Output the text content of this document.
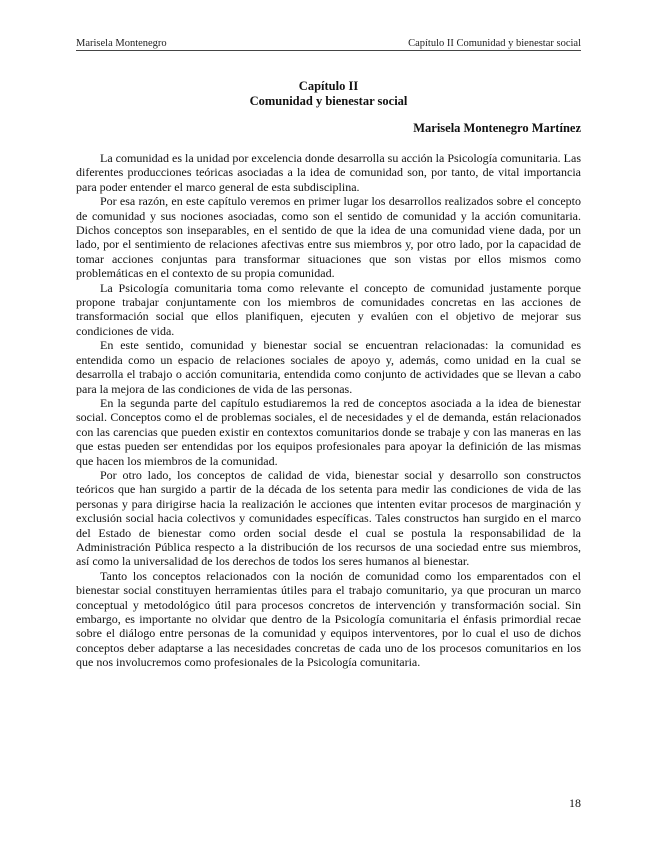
Marisela Montenegro	Capítulo II Comunidad y bienestar social
Capítulo II
Comunidad y bienestar social
Marisela Montenegro Martínez

La comunidad es la unidad por excelencia donde desarrolla su acción la Psicología comunitaria. Las diferentes producciones teóricas asociadas a la idea de comunidad son, por tanto, de vital importancia para poder entender el marco general de esta subdisciplina.

Por esa razón, en este capítulo veremos en primer lugar los desarrollos realizados sobre el concepto de comunidad y sus nociones asociadas, como son el sentido de comunidad y la acción comunitaria. Dichos conceptos son inseparables, en el sentido de que la idea de una comunidad viene dada, por un lado, por el sentimiento de relaciones afectivas entre sus miembros y, por otro lado, por la capacidad de tomar acciones conjuntas para transformar situaciones que son vistas por ellos mismos como problemáticas en el contexto de su propia comunidad.

La Psicología comunitaria toma como relevante el concepto de comunidad justamente porque propone trabajar conjuntamente con los miembros de comunidades concretas en las acciones de transformación social que ellos planifiquen, ejecuten y evalúen con el objetivo de mejorar sus condiciones de vida.

En este sentido, comunidad y bienestar social se encuentran relacionadas: la comunidad es entendida como un espacio de relaciones sociales de apoyo y, además, como unidad en la cual se desarrolla el trabajo o acción comunitaria, entendida como conjunto de actividades que se llevan a cabo para la mejora de las condiciones de vida de las personas.

En la segunda parte del capítulo estudiaremos la red de conceptos asociada a la idea de bienestar social. Conceptos como el de problemas sociales, el de necesidades y el de demanda, están relacionados con las carencias que pueden existir en contextos comunitarios donde se trabaje y con las maneras en las que estas pueden ser entendidas por los equipos profesionales para apoyar la definición de las mismas que hacen los miembros de la comunidad.

Por otro lado, los conceptos de calidad de vida, bienestar social y desarrollo son constructos teóricos que han surgido a partir de la década de los setenta para medir las condiciones de vida de las personas y para dirigirse hacia la realización le acciones que intenten evitar procesos de marginación y exclusión social hacia colectivos y comunidades específicas. Tales constructos han surgido en el marco del Estado de bienestar como orden social desde el cual se postula la responsabilidad de la Administración Pública respecto a la distribución de los recursos de una sociedad entre sus miembros, así como la universalidad de los derechos de todos los seres humanos al bienestar.

Tanto los conceptos relacionados con la noción de comunidad como los emparentados con el bienestar social constituyen herramientas útiles para el trabajo comunitario, ya que procuran un marco conceptual y metodológico útil para procesos concretos de intervención y transformación social. Sin embargo, es importante no olvidar que dentro de la Psicología comunitaria el énfasis primordial recae sobre el diálogo entre personas de la comunidad y equipos interventores, por lo cual el uso de dichos conceptos deber adaptarse a las necesidades concretas de cada uno de los procesos comunitarios en los que nos involucremos como profesionales de la Psicología comunitaria.

18
